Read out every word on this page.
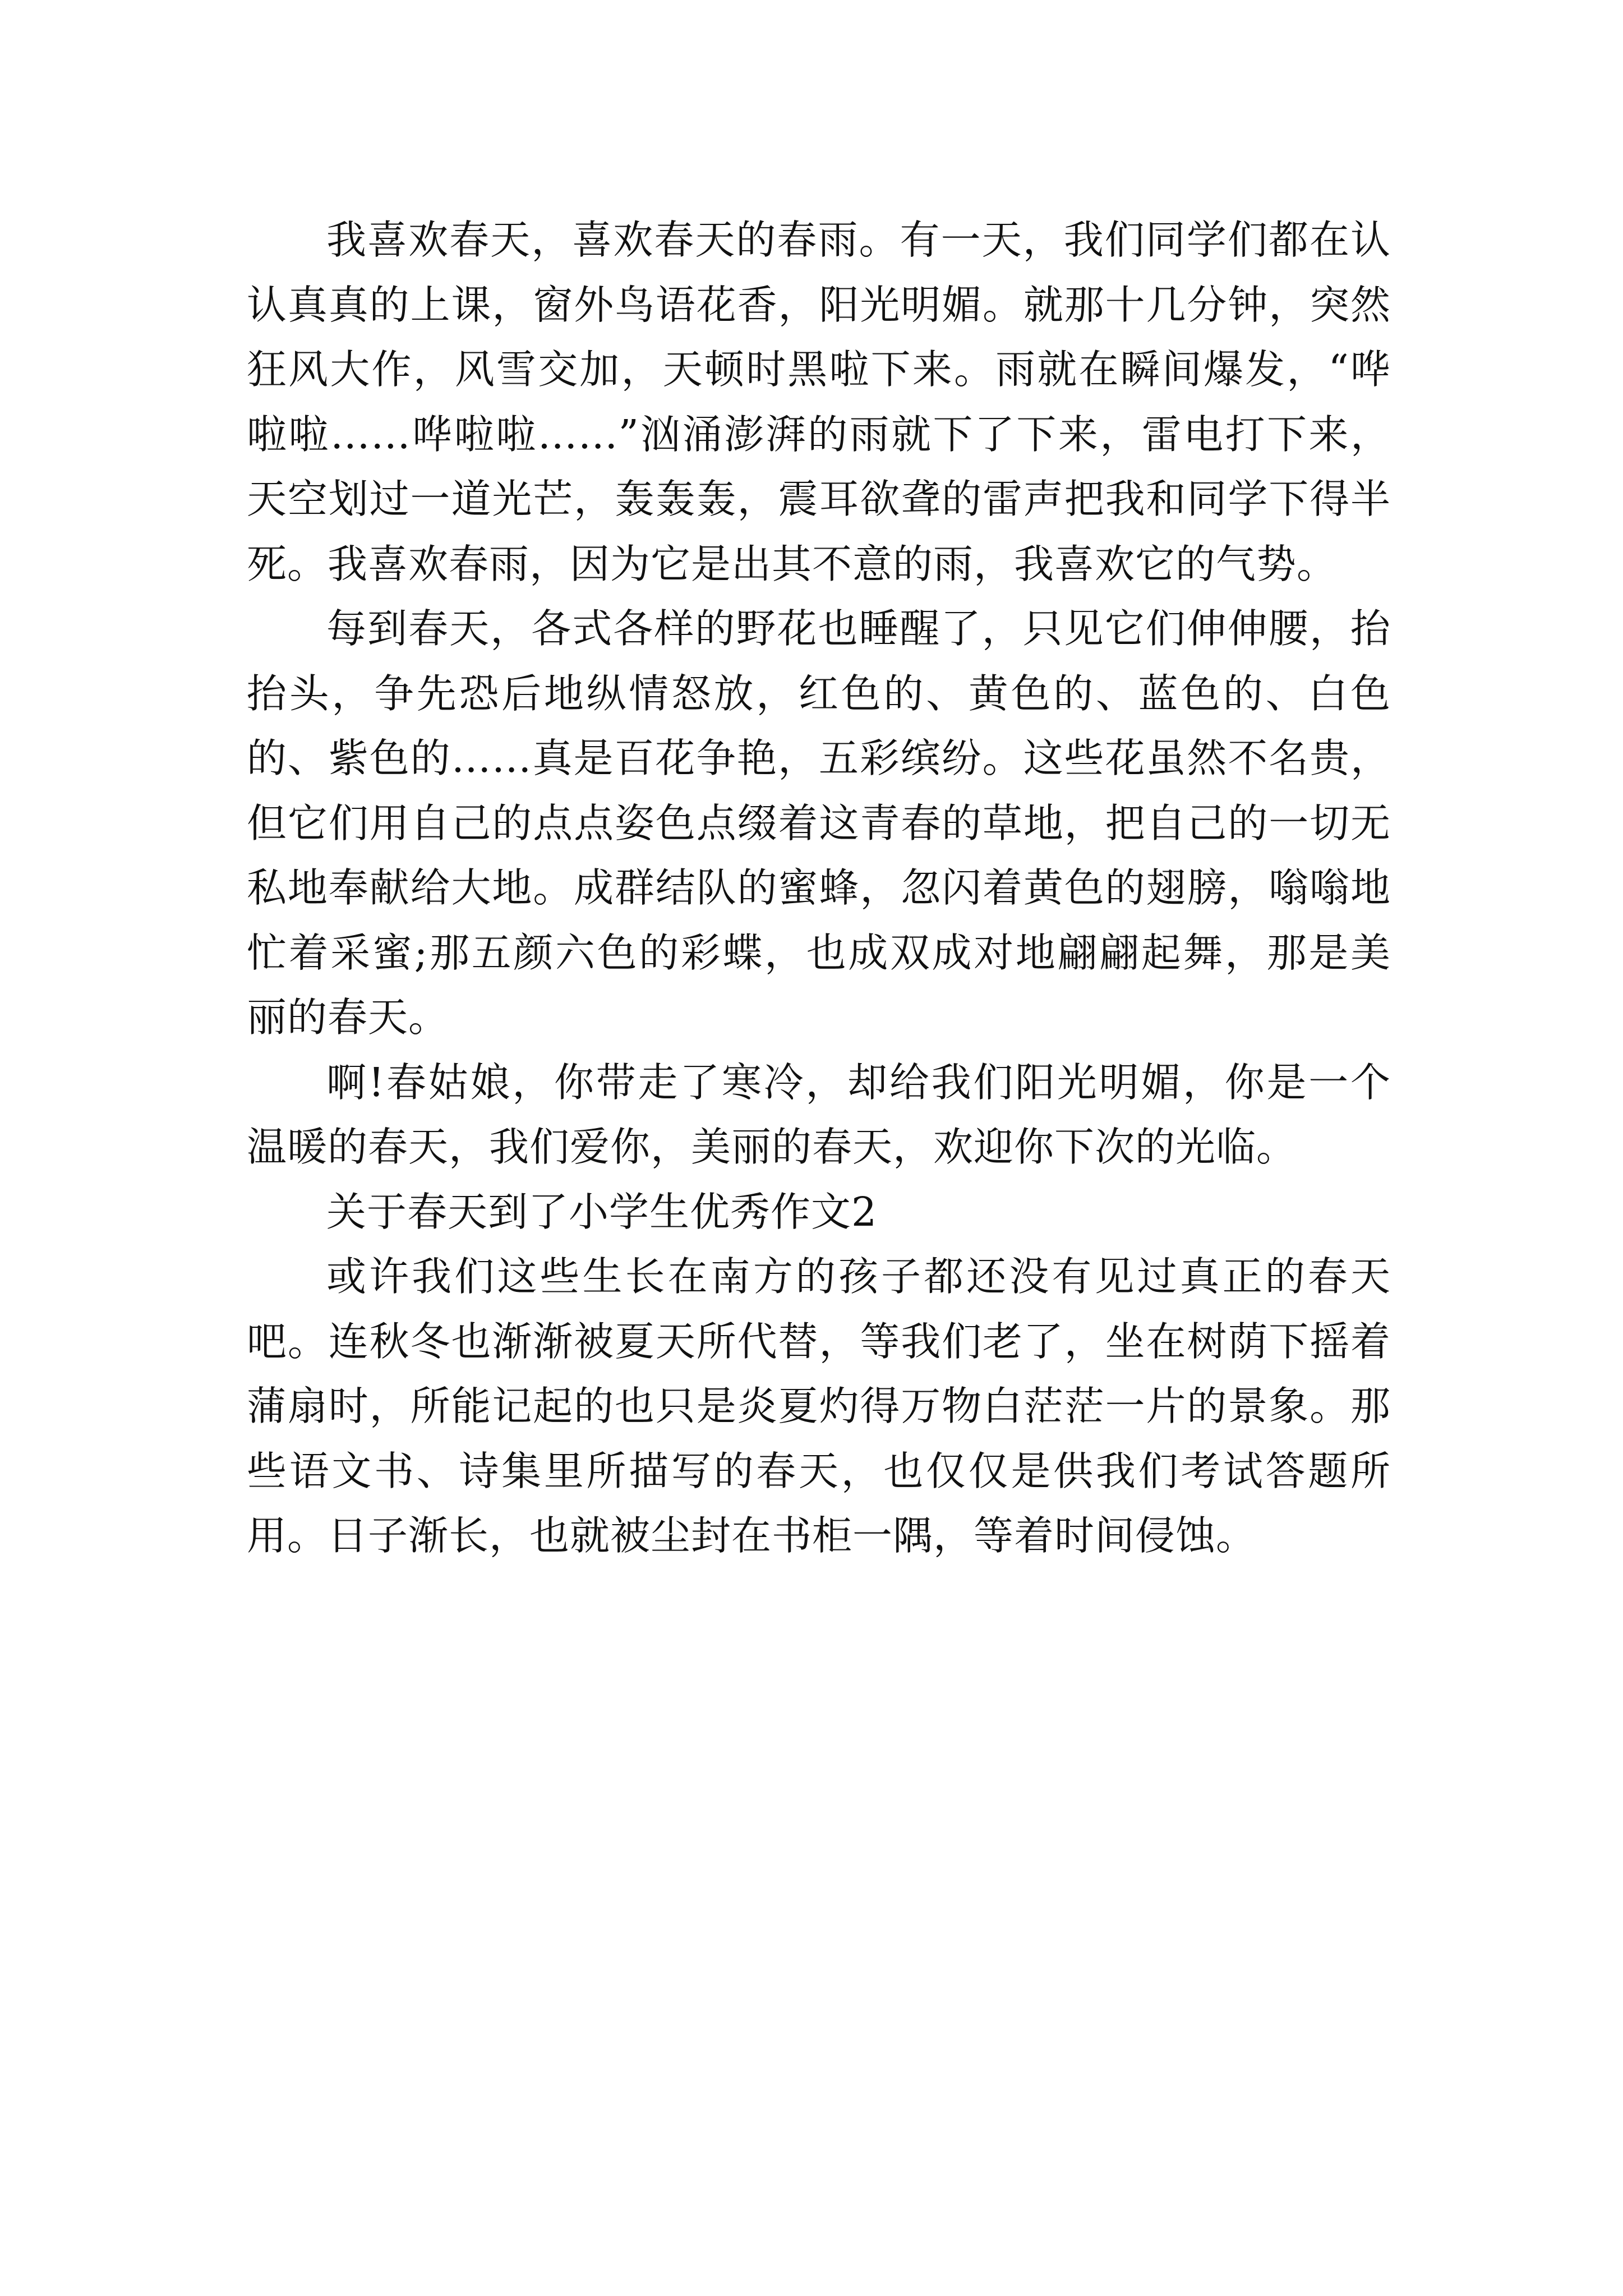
我喜欢春天，喜欢春天的春雨。有一天，我们同学们都在认认真真的上课，窗外鸟语花香，阳光明媚。就那十几分钟，突然狂风大作，风雪交加，天顿时黑啦下来。雨就在瞬间爆发，“哗啦啦……哗啦啦……”汹涌澎湃的雨就下了下来，雷电打下来，天空划过一道光芒，轰轰轰，震耳欲聋的雷声把我和同学下得半死。我喜欢春雨，因为它是出其不意的雨，我喜欢它的气势。

每到春天，各式各样的野花也睡醒了，只见它们伸伸腰，抬抬头，争先恐后地纵情怒放，红色的、黄色的、蓝色的、白色的、紫色的……真是百花争艳，五彩缤纷。这些花虽然不名贵，但它们用自己的点点姿色点缀着这青春的草地，把自己的一切无私地奉献给大地。成群结队的蜜蜂，忽闪着黄色的翅膀，嗡嗡地忙着采蜜;那五颜六色的彩蝶，也成双成对地翩翩起舞，那是美丽的春天。

啊!春姑娘，你带走了寒冷，却给我们阳光明媚，你是一个温暖的春天，我们爱你，美丽的春天，欢迎你下次的光临。

关于春天到了小学生优秀作文2

或许我们这些生长在南方的孩子都还没有见过真正的春天吧。连秋冬也渐渐被夏天所代替，等我们老了，坐在树荫下摇着蒲扇时，所能记起的也只是炎夏灼得万物白茫茫一片的景象。那些语文书、诗集里所描写的春天，也仅仅是供我们考试答题所用。日子渐长，也就被尘封在书柜一隅，等着时间侵蚀。
